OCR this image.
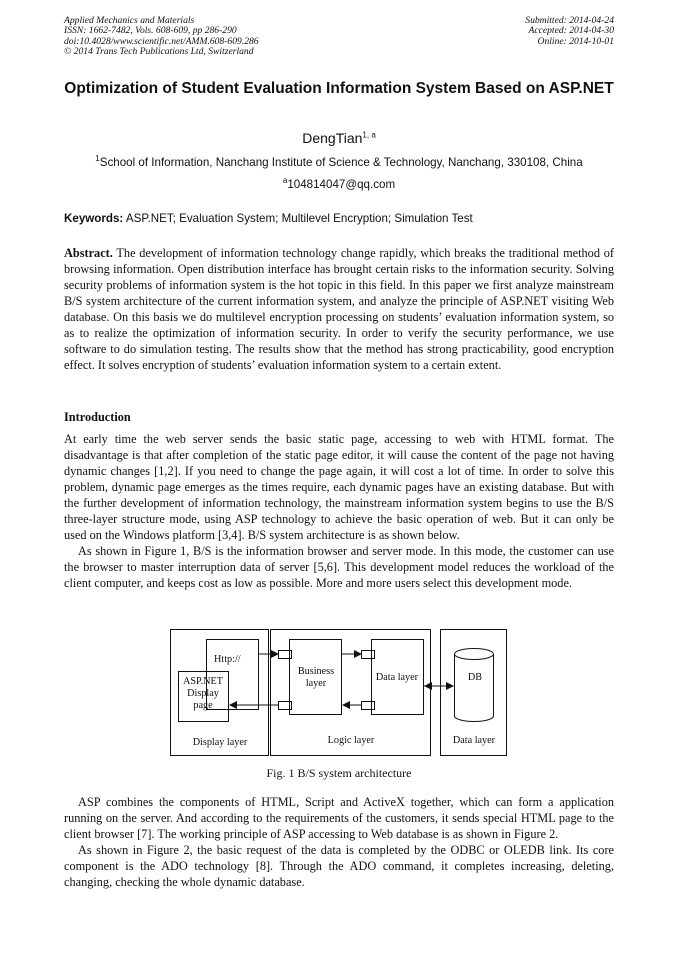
Applied Mechanics and Materials
ISSN: 1662-7482, Vols. 608-609, pp 286-290
doi:10.4028/www.scientific.net/AMM.608-609.286
© 2014 Trans Tech Publications Ltd, Switzerland
Submitted: 2014-04-24
Accepted: 2014-04-30
Online: 2014-10-01
Optimization of Student Evaluation Information System Based on ASP.NET
DengTian$^{1, a}$
$^1$School of Information, Nanchang Institute of Science & Technology, Nanchang, 330108, China
$^a$104814047@qq.com
Keywords: ASP.NET; Evaluation System; Multilevel Encryption; Simulation Test

Abstract. The development of information technology change rapidly, which breaks the traditional method of browsing information. Open distribution interface has brought certain risks to the information security. Solving security problems of information system is the hot topic in this field. In this paper we first analyze mainstream B/S system architecture of the current information system, and analyze the principle of ASP.NET visiting Web database. On this basis we do multilevel encryption processing on students’ evaluation information system, so as to realize the optimization of information security. In order to verify the security performance, we use software to do simulation testing. The results show that the method has strong practicability, good encryption effect. It solves encryption of students’ evaluation information system to a certain extent.

Introduction

At early time the web server sends the basic static page, accessing to web with HTML format. The disadvantage is that after completion of the static page editor, it will cause the content of the page not having dynamic changes [1,2]. If you need to change the page again, it will cost a lot of time. In order to solve this problem, dynamic page emerges as the times require, each dynamic pages have an existing database. But with the further development of information technology, the mainstream information system begins to use the B/S three-layer structure mode, using ASP technology to achieve the basic operation of web. But it can only be used on the Windows platform [3,4]. B/S system architecture is as shown below.

As shown in Figure 1, B/S is the information browser and server mode. In this mode, the customer can use the browser to master interruption data of server [5,6]. This development model reduces the workload of the client computer, and keeps cost as low as possible. More and more users select this development mode.

Http://
ASP.NET
Display
page
Business
layer
Data layer	DB
Display layer	Logic layer	Data layer
Fig. 1 B/S system architecture

ASP combines the components of HTML, Script and ActiveX together, which can form a application running on the server. And according to the requirements of the customers, it sends special HTML page to the client browser [7]. The working principle of ASP accessing to Web database is as shown in Figure 2.

As shown in Figure 2, the basic request of the data is completed by the ODBC or OLEDB link. Its core component is the ADO technology [8]. Through the ADO command, it completes increasing, deleting, changing, checking the whole dynamic database.
